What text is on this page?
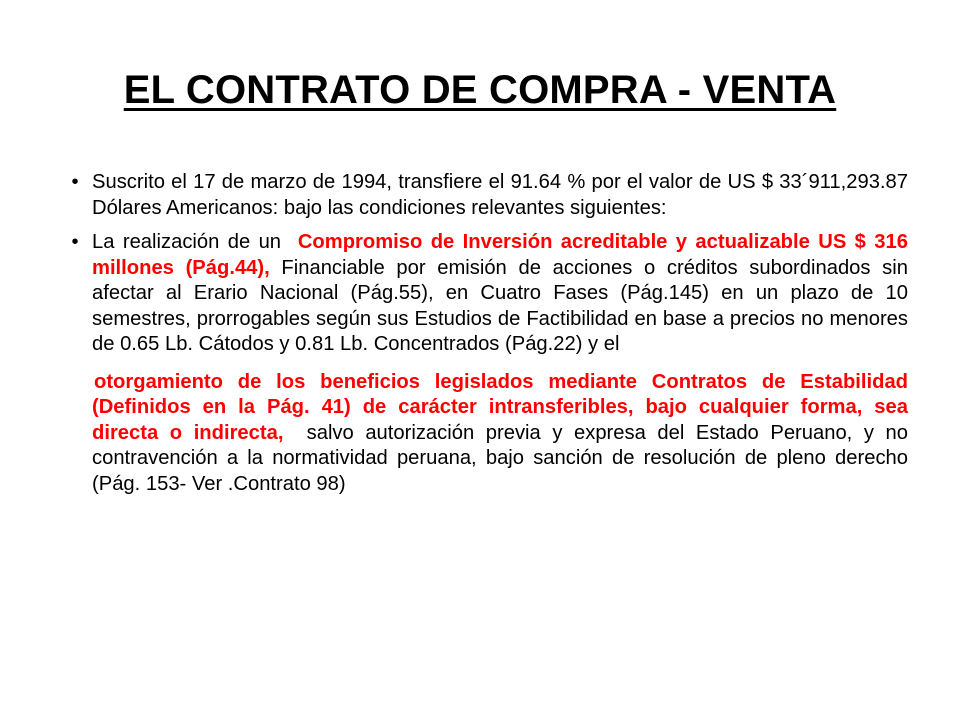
EL CONTRATO DE COMPRA - VENTA
• Suscrito el 17 de marzo de 1994, transfiere el 91.64 % por el valor de US $ 33´911,293.87 Dólares Americanos: bajo las condiciones relevantes siguientes:
• La realización de un  Compromiso de Inversión acreditable y actualizable US $ 316 millones (Pág.44), Financiable por emisión de acciones o créditos subordinados sin afectar al Erario Nacional (Pág.55), en Cuatro Fases (Pág.145) en un plazo de 10 semestres, prorrogables según sus Estudios de Factibilidad en base a precios no menores de 0.65 Lb. Cátodos y 0.81 Lb. Concentrados (Pág.22) y el
otorgamiento de los beneficios legislados mediante Contratos de Estabilidad (Definidos en la Pág. 41) de carácter intransferibles, bajo cualquier forma, sea directa o indirecta,  salvo autorización previa y expresa del Estado Peruano, y no contravención a la normatividad peruana, bajo sanción de resolución de pleno derecho  (Pág. 153- Ver .Contrato 98)
